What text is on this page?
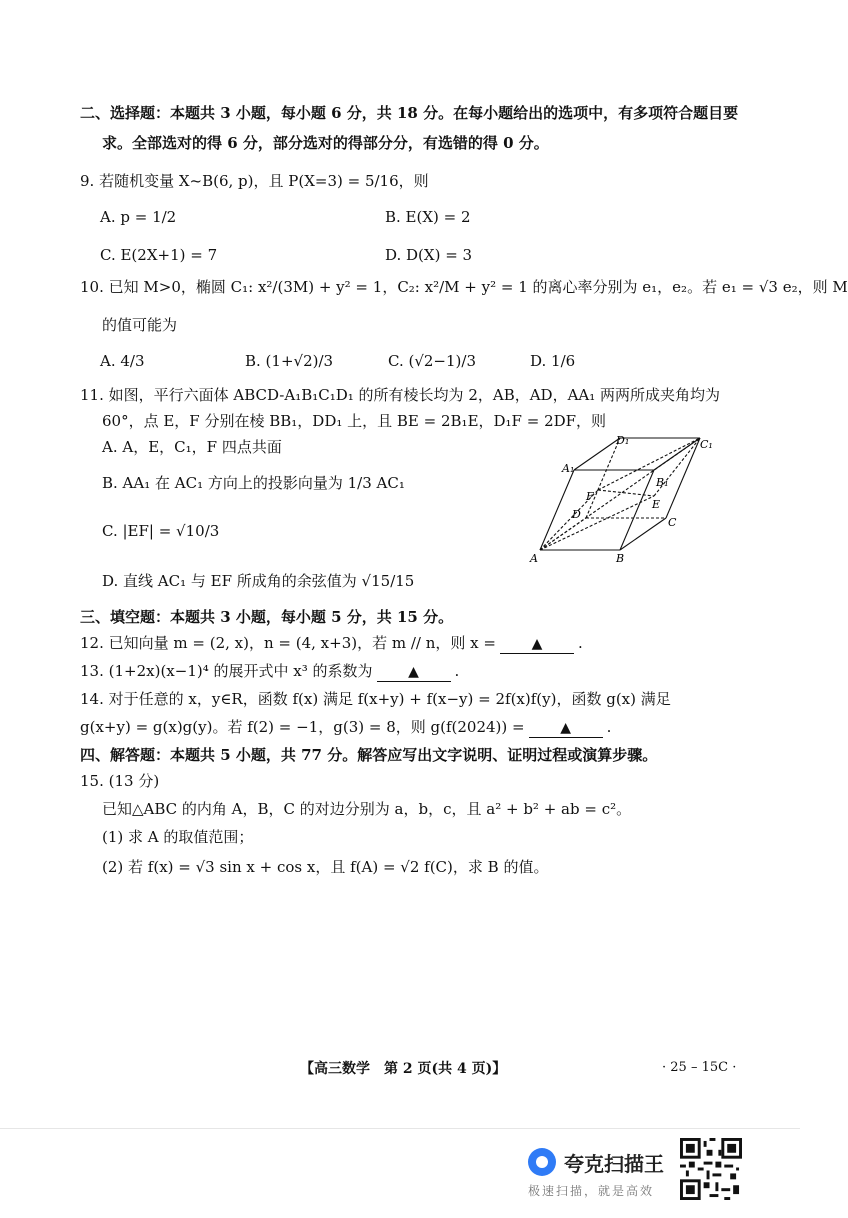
二、选择题：本题共 3 小题，每小题 6 分，共 18 分。在每小题给出的选项中，有多项符合题目要
求。全部选对的得 6 分，部分选对的得部分分，有选错的得 0 分。
9. 若随机变量 X~B(6, p)，且 P(X=3) = 5/16，则
A. p = 1/2	B. E(X) = 2
C. E(2X+1) = 7	D. D(X) = 3
10. 已知 M>0，椭圆 C₁: x²/(3M) + y² = 1，C₂: x²/M + y² = 1 的离心率分别为 e₁，e₂。若 e₁ = √3 e₂，则 M
的值可能为
A. 4/3	B. (1+√2)/3	C. (√2−1)/3	D. 1/6
11. 如图，平行六面体 ABCD-A₁B₁C₁D₁ 的所有棱长均为 2，AB，AD，AA₁ 两两所成夹角均为
60°，点 E，F 分别在棱 BB₁，DD₁ 上，且 BE = 2B₁E，D₁F = 2DF，则
A. A，E，C₁，F 四点共面
B. AA₁ 在 AC₁ 方向上的投影向量为 1/3 AC₁
C. |EF| = √10/3
D. 直线 AC₁ 与 EF 所成角的余弦值为 √15/15
A	B
C
D
A₁
B₁
C₁
D₁
E
F
三、填空题：本题共 3 小题，每小题 5 分，共 15 分。
12. 已知向量 m = (2, x)，n = (4, x+3)，若 m // n，则 x =	▲ .
13. (1+2x)(x−1)⁴ 的展开式中 x³ 的系数为	▲ .
14. 对于任意的 x，y∈R，函数 f(x) 满足 f(x+y) + f(x−y) = 2f(x)f(y)，函数 g(x) 满足
g(x+y) = g(x)g(y)。若 f(2) = −1，g(3) = 8，则 g(f(2024)) =	▲ .
四、解答题：本题共 5 小题，共 77 分。解答应写出文字说明、证明过程或演算步骤。
15. (13 分)
已知△ABC 的内角 A，B，C 的对边分别为 a，b，c，且 a² + b² + ab = c²。
(1) 求 A 的取值范围；
(2) 若 f(x) = √3 sin x + cos x，且 f(A) = √2 f(C)，求 B 的值。
【高三数学　第 2 页(共 4 页)】	· 25 – 15C ·
夸克扫描王
极速扫描，就是高效
